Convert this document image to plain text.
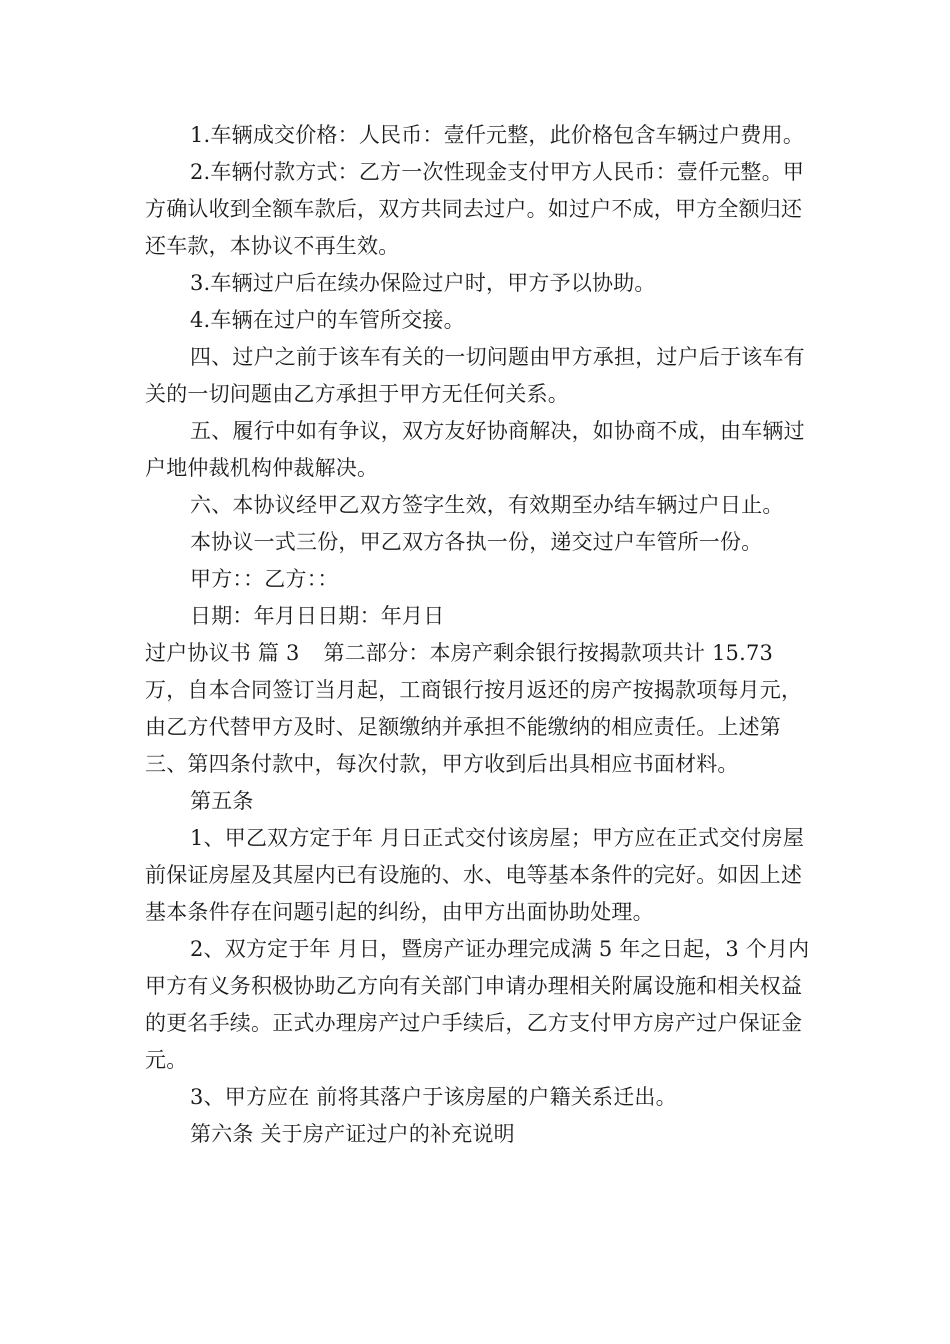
1.车辆成交价格：人民币：壹仟元整，此价格包含车辆过户费用。

2.车辆付款方式：乙方一次性现金支付甲方人民币：壹仟元整。甲方确认收到全额车款后，双方共同去过户。如过户不成，甲方全额归还还车款，本协议不再生效。

3.车辆过户后在续办保险过户时，甲方予以协助。

4.车辆在过户的车管所交接。

四、过户之前于该车有关的一切问题由甲方承担，过户后于该车有关的一切问题由乙方承担于甲方无任何关系。

五、履行中如有争议，双方友好协商解决，如协商不成，由车辆过户地仲裁机构仲裁解决。

六、本协议经甲乙双方签字生效，有效期至办结车辆过户日止。

本协议一式三份，甲乙双方各执一份，递交过户车管所一份。

甲方：：乙方：：

日期：年月日日期：年月日

过户协议书 篇 3 第二部分：本房产剩余银行按揭款项共计 15.73 万，自本合同签订当月起，工商银行按月返还的房产按揭款项每月元，由乙方代替甲方及时、足额缴纳并承担不能缴纳的相应责任。上述第三、第四条付款中，每次付款，甲方收到后出具相应书面材料。

第五条

1、甲乙双方定于年 月日正式交付该房屋；甲方应在正式交付房屋前保证房屋及其屋内已有设施的、水、电等基本条件的完好。如因上述基本条件存在问题引起的纠纷，由甲方出面协助处理。

2、双方定于年 月日，暨房产证办理完成满 5 年之日起，3 个月内甲方有义务积极协助乙方向有关部门申请办理相关附属设施和相关权益的更名手续。正式办理房产过户手续后，乙方支付甲方房产过户保证金元。

3、甲方应在 前将其落户于该房屋的户籍关系迁出。

第六条 关于房产证过户的补充说明
